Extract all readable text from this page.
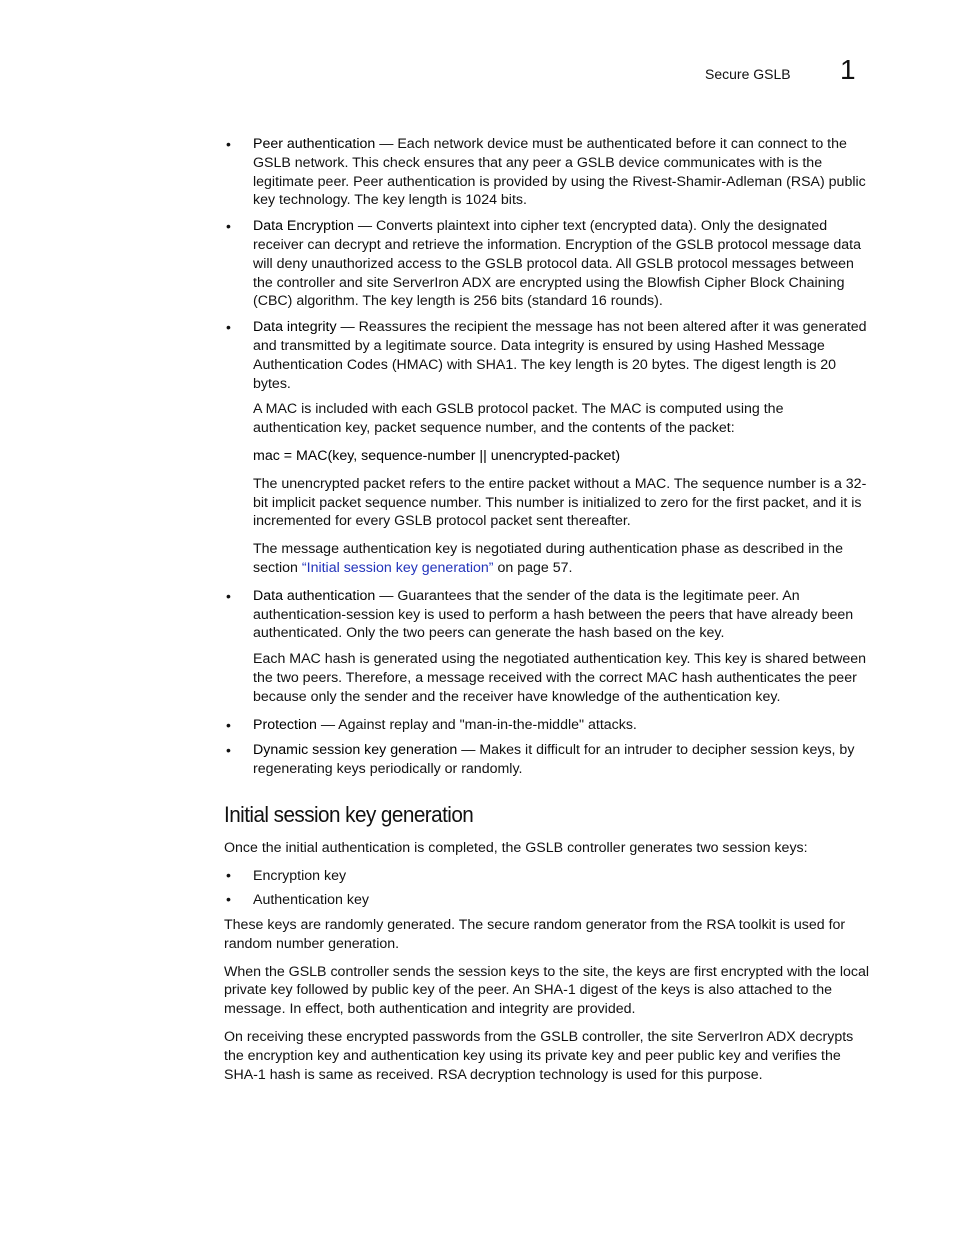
Secure GSLB 1
• Peer authentication — Each network device must be authenticated before it can connect to the GSLB network. This check ensures that any peer a GSLB device communicates with is the legitimate peer. Peer authentication is provided by using the Rivest-Shamir-Adleman (RSA) public key technology. The key length is 1024 bits.
• Data Encryption — Converts plaintext into cipher text (encrypted data). Only the designated receiver can decrypt and retrieve the information. Encryption of the GSLB protocol message data will deny unauthorized access to the GSLB protocol data. All GSLB protocol messages between the controller and site ServerIron ADX are encrypted using the Blowfish Cipher Block Chaining (CBC) algorithm. The key length is 256 bits (standard 16 rounds).
• Data integrity — Reassures the recipient the message has not been altered after it was generated and transmitted by a legitimate source. Data integrity is ensured by using Hashed Message Authentication Codes (HMAC) with SHA1. The key length is 20 bytes. The digest length is 20 bytes.
A MAC is included with each GSLB protocol packet. The MAC is computed using the authentication key, packet sequence number, and the contents of the packet:
mac = MAC(key, sequence-number || unencrypted-packet)
The unencrypted packet refers to the entire packet without a MAC. The sequence number is a 32-bit implicit packet sequence number. This number is initialized to zero for the first packet, and it is incremented for every GSLB protocol packet sent thereafter.
The message authentication key is negotiated during authentication phase as described in the section “Initial session key generation” on page 57.
• Data authentication — Guarantees that the sender of the data is the legitimate peer. An authentication-session key is used to perform a hash between the peers that have already been authenticated. Only the two peers can generate the hash based on the key.
Each MAC hash is generated using the negotiated authentication key. This key is shared between the two peers. Therefore, a message received with the correct MAC hash authenticates the peer because only the sender and the receiver have knowledge of the authentication key.
• Protection — Against replay and "man-in-the-middle" attacks.
• Dynamic session key generation — Makes it difficult for an intruder to decipher session keys, by regenerating keys periodically or randomly.
Initial session key generation
Once the initial authentication is completed, the GSLB controller generates two session keys:
• Encryption key
• Authentication key
These keys are randomly generated. The secure random generator from the RSA toolkit is used for random number generation.
When the GSLB controller sends the session keys to the site, the keys are first encrypted with the local private key followed by public key of the peer. An SHA-1 digest of the keys is also attached to the message. In effect, both authentication and integrity are provided.
On receiving these encrypted passwords from the GSLB controller, the site ServerIron ADX decrypts the encryption key and authentication key using its private key and peer public key and verifies the SHA-1 hash is same as received. RSA decryption technology is used for this purpose.
